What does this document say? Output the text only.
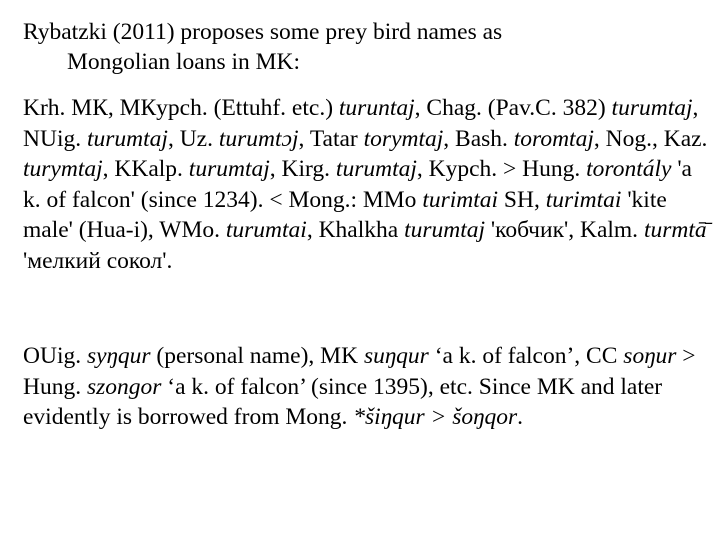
Rybatzki (2011) proposes some prey bird names as
Mongolian loans in MK:
Krh. МК, МКypch. (Ettuhf. etc.) turuntaj, Chag. (Pav.C. 382) turumtaj, NUig. turumtaj, Uz. turumtɔj, Tatar torymtaj, Bash. toromtaj, Nog., Kaz. turymtaj, KKalp. turumtaj, Kirg. turumtaj, Kypch. > Hung. torontály 'a k. of falcon' (since 1234). < Mong.: MMo turimtai SH, turimtai 'kite male' (Hua-i), WMo. turumtai, Khalkha turumtaj 'кобчик', Kalm. turmtā̄ 'мелкий сокол'.
OUig. syŋqur (personal name), MK suŋqur ‘a k. of falcon’, CC soŋur > Hung. szongor ‘a k. of falcon’ (since 1395), etc. Since MK and later evidently is borrowed from Mong. *šiŋqur > šoŋqor.
